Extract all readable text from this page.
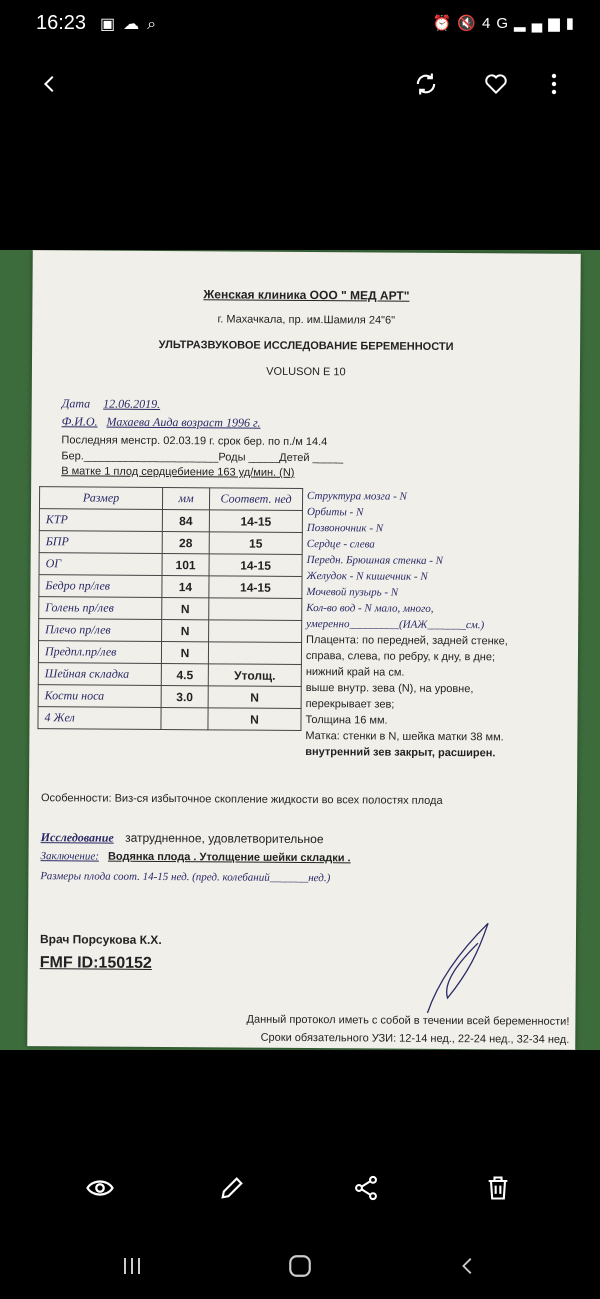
16:23 ▣☁⌕	⏰🔇4G▂▄▆▮
Женская клиника ООО " МЕД АРТ"
г. Махачкала, пр. им.Шамиля 24"6"
УЛЬТРАЗВУКОВОЕ ИССЛЕДОВАНИЕ БЕРЕМЕННОСТИ
VOLUSON E 10
Дата 12.06.2019.
Ф.И.О. Махаева Аида возраст 1996 г.
Последняя менстр. 02.03.19 г. срок бер. по п./м 14.4
Бер.______________________Роды _____Детей _____
В матке 1 плод сердцебиение 163 уд/мин. (N)
Размер	мм	Соответ. нед
КТР	84	14-15
БПР	28	15
ОГ	101	14-15
Бедро пр/лев	14	14-15
Голень пр/лев	N	
Плечо пр/лев	N	
Предпл.пр/лев	N	
Шейная складка	4.5	Утолщ.
Кости носа	3.0	N
4 Жел		N
Структура мозга - N
Орбиты - N
Позвоночник - N
Сердце - слева
Передн. Брюшная стенка - N
Желудок - N кишечник - N
Мочевой пузырь - N
Кол-во вод - N мало, много,
умеренно_________(ИАЖ_______см.)
Плацента: по передней, задней стенке,
справа, слева, по ребру, к дну, в дне;
нижний край на см.
выше внутр. зева (N), на уровне,
перекрывает зев;
Толщина 16 мм.
Матка: стенки в N, шейка матки 38 мм.
внутренний зев закрыт, расширен.
Особенности: Виз-ся избыточное скопление жидкости во всех полостях плода
Исследование затрудненное, удовлетворительное
Заключение: Водянка плода . Утолщение шейки складки .
Размеры плода соот. 14-15 нед. (пред. колебаний_______нед.)
Врач Порсукова К.Х.
FMF ID:150152
Данный протокол иметь с собой в течении всей беременности!
Сроки обязательного УЗИ: 12-14 нед., 22-24 нед., 32-34 нед.
